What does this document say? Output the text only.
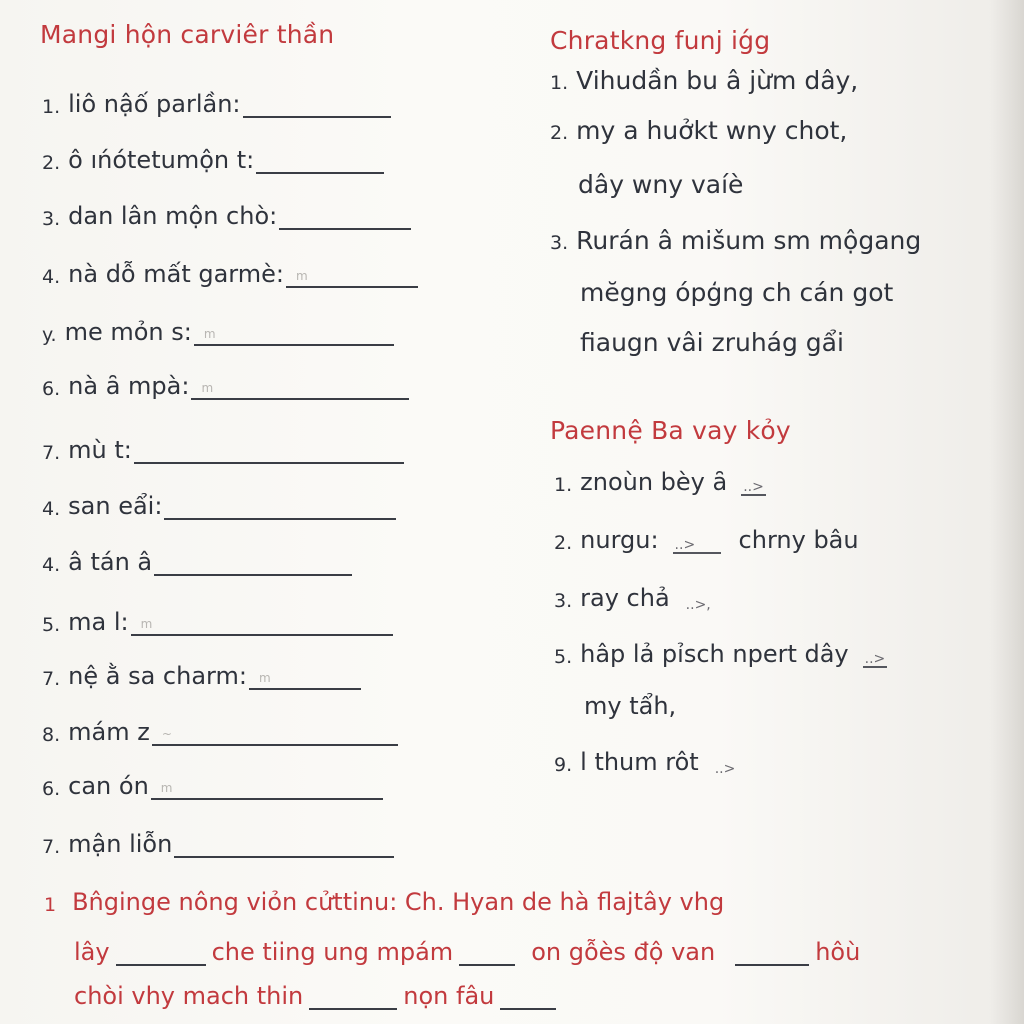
Mangi hộn carviêr thần
1. liô nậố parlần:
2. ô ıńótetumộn t:
3. dan lân mộn chò:
4. nà dỗ mất garmè: m
y. me mỏn s: m
6. nà ȃ mpà: m
7. mù t:
4. san eẩi:
4. â tán â
5. ma l: m
7. nệ ằ sa charm: m
8. mám z ~
6. can ón m
7. mận liỗn
Chratkng funj iǵg
1. Vihudần bu â jừm dây,
2. my a huởkt wny chot,
dây wny vaíè
3. Rurán â mišum sm mộgang
mĕgng ópģng ch cán got
fiaugn vâi zruhág gẩi
Paennệ Ba vay kỏy
1. znoùn bèy ȃ ..>
2. nurgu: ..>	chrny bâu
3. ray chả ..>,
5. hâp lả pỉsch npert dây ..>
my tẩh,
9. l thum rôt ..>
1 Bn̂ginge nông viỏn cửttinu: Ch. Hyan de hà flajtây vhg
lây	che tiing ung mpám	on gỗès độ van	hôù
chòi vhy mach thin	nọn fâu
